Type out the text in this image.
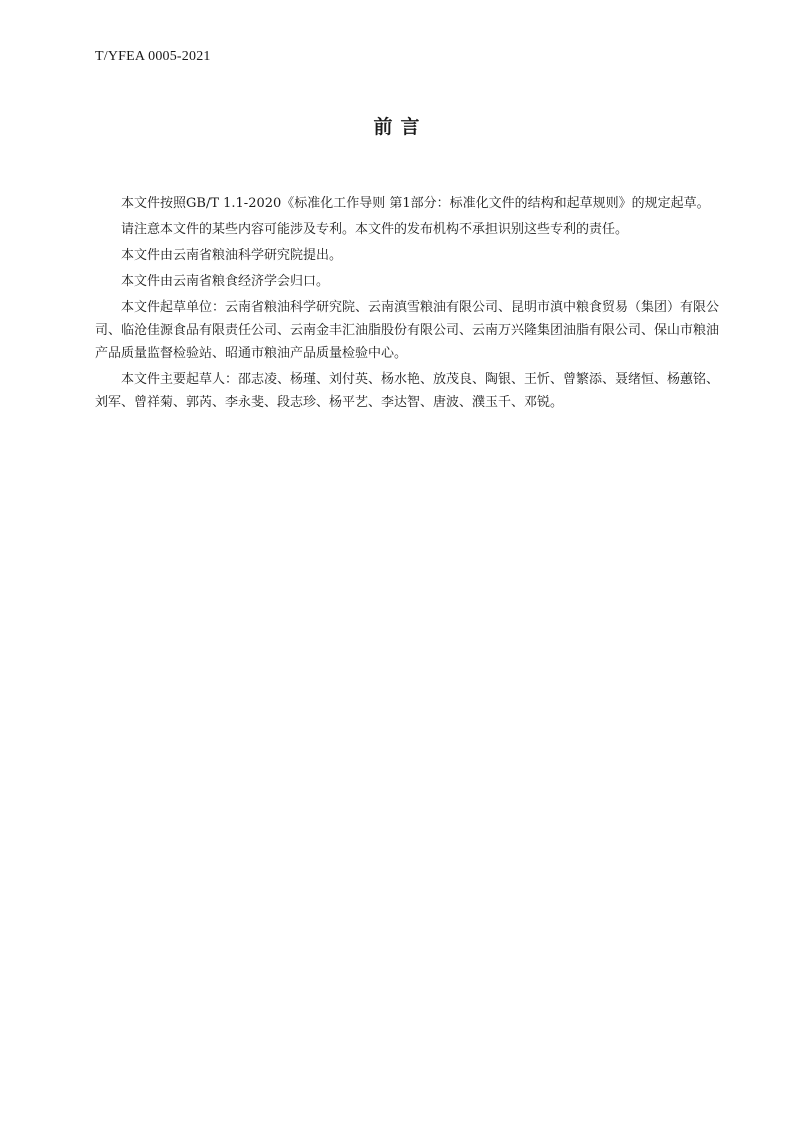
T/YFEA 0005-2021
前言

本文件按照GB/T 1.1-2020《标准化工作导则 第1部分：标准化文件的结构和起草规则》的规定起草。

请注意本文件的某些内容可能涉及专利。本文件的发布机构不承担识别这些专利的责任。

本文件由云南省粮油科学研究院提出。

本文件由云南省粮食经济学会归口。

本文件起草单位：云南省粮油科学研究院、云南滇雪粮油有限公司、昆明市滇中粮食贸易（集团）有限公司、临沧佳源食品有限责任公司、云南金丰汇油脂股份有限公司、云南万兴隆集团油脂有限公司、保山市粮油产品质量监督检验站、昭通市粮油产品质量检验中心。

本文件主要起草人：邵志凌、杨瑾、刘付英、杨水艳、放茂良、陶银、王忻、曾繁添、聂绪恒、杨蕙铭、刘军、曾祥菊、郭芮、李永斐、段志珍、杨平艺、李达智、唐波、濮玉千、邓锐。
